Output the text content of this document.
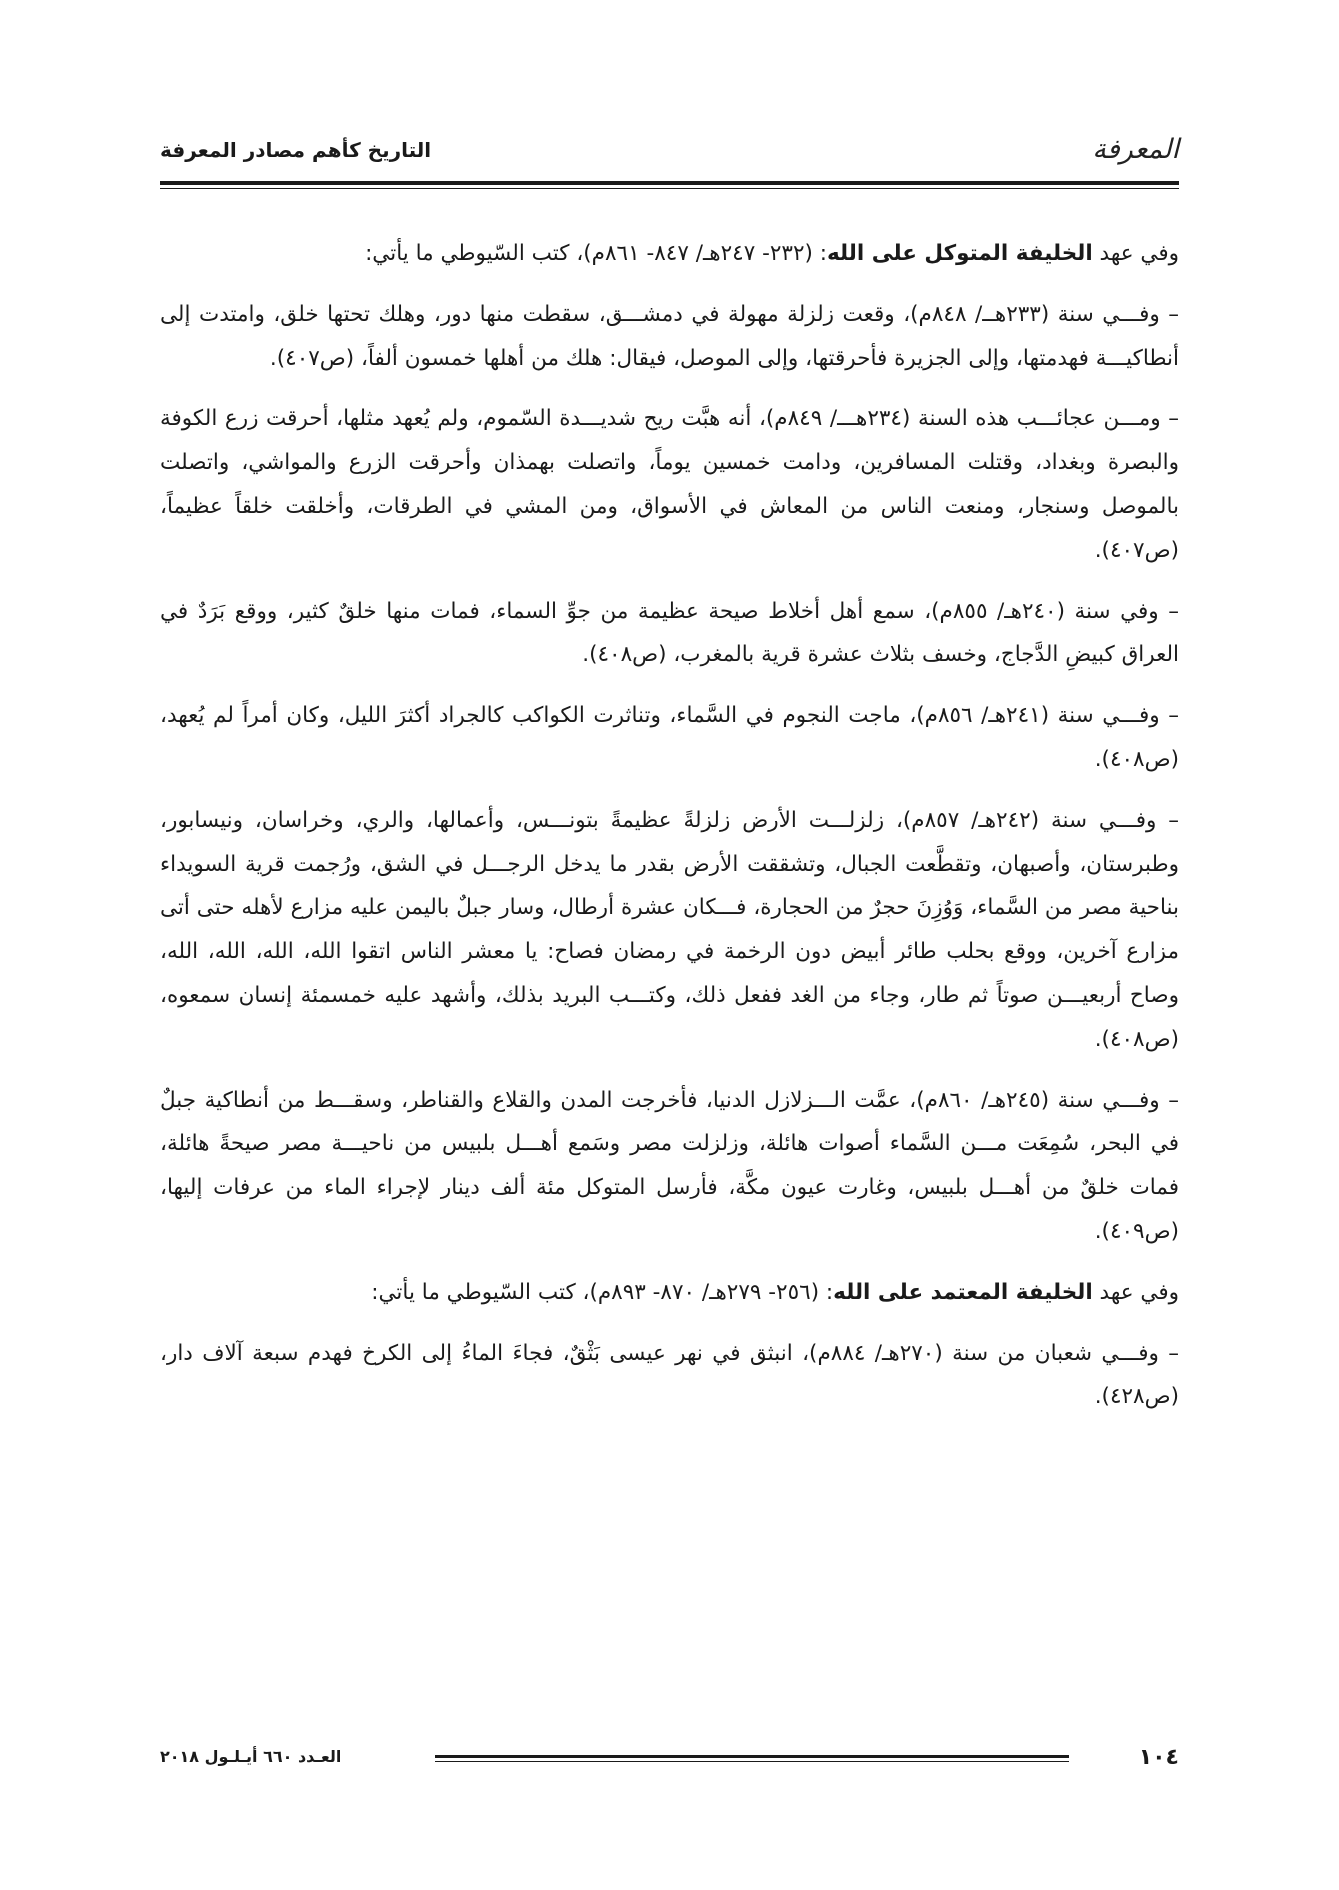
المعرفة
التاريخ كأهم مصادر المعرفة

وفي عهد الخليفة المتوكل على الله: (٢٣٢- ٢٤٧هـ/ ٨٤٧- ٨٦١م)، كتب السّيوطي ما يأتي:

– وفـــي سنة (٢٣٣هــ/ ٨٤٨م)، وقعت زلزلة مهولة في دمشـــق، سقطت منها دور، وهلك تحتها خلق، وامتدت إلى أنطاكيـــة فهدمتها، وإلى الجزيرة فأحرقتها، وإلى الموصل، فيقال: هلك من أهلها خمسون ألفاً، (ص٤٠٧).

– ومـــن عجائـــب هذه السنة (٢٣٤هـــ/ ٨٤٩م)، أنه هبَّت ريح شديـــدة السّموم، ولم يُعهد مثلها، أحرقت زرع الكوفة والبصرة وبغداد، وقتلت المسافرين، ودامت خمسين يوماً، واتصلت بهمذان وأحرقت الزرع والمواشي، واتصلت بالموصل وسنجار، ومنعت الناس من المعاش في الأسواق، ومن المشي في الطرقات، وأخلقت خلقاً عظيماً، (ص٤٠٧).

– وفي سنة (٢٤٠هـ/ ٨٥٥م)، سمع أهل أخلاط صيحة عظيمة من جوِّ السماء، فمات منها خلقٌ كثير، ووقع بَرَدٌ في العراق كبيضِ الدَّجاج، وخسف بثلاث عشرة قرية بالمغرب، (ص٤٠٨).

– وفـــي سنة (٢٤١هـ/ ٨٥٦م)، ماجت النجوم في السَّماء، وتناثرت الكواكب كالجراد أكثرَ الليل، وكان أمراً لم يُعهد، (ص٤٠٨).

– وفـــي سنة (٢٤٢هـ/ ٨٥٧م)، زلزلـــت الأرض زلزلةً عظيمةً بتونـــس، وأعمالها، والري، وخراسان، ونيسابور، وطبرستان، وأصبهان، وتقطَّعت الجبال، وتشققت الأرض بقدر ما يدخل الرجـــل في الشق، ورُجمت قرية السويداء بناحية مصر من السَّماء، وَوُزِنَ حجرٌ من الحجارة، فـــكان عشرة أرطال، وسار جبلٌ باليمن عليه مزارع لأهله حتى أتى مزارع آخرين، ووقع بحلب طائر أبيض دون الرخمة في رمضان فصاح: يا معشر الناس اتقوا الله، الله، الله، الله، وصاح أربعيـــن صوتاً ثم طار، وجاء من الغد ففعل ذلك، وكتـــب البريد بذلك، وأشهد عليه خمسمئة إنسان سمعوه، (ص٤٠٨).

– وفـــي سنة (٢٤٥هـ/ ٨٦٠م)، عمَّت الـــزلازل الدنيا، فأخرجت المدن والقلاع والقناطر، وسقـــط من أنطاكية جبلٌ في البحر، سُمِعَت مـــن السَّماء أصوات هائلة، وزلزلت مصر وسَمع أهـــل بلبيس من ناحيـــة مصر صيحةً هائلة، فمات خلقٌ من أهـــل بلبيس، وغارت عيون مكَّة، فأرسل المتوكل مئة ألف دينار لإجراء الماء من عرفات إليها، (ص٤٠٩).

وفي عهد الخليفة المعتمد على الله: (٢٥٦- ٢٧٩هـ/ ٨٧٠- ٨٩٣م)، كتب السّيوطي ما يأتي:

– وفـــي شعبان من سنة (٢٧٠هـ/ ٨٨٤م)، انبثق في نهر عيسى بَثْقٌ، فجاءَ الماءُ إلى الكرخ فهدم سبعة آلاف دار، (ص٤٢٨).

١٠٤
العـدد ٦٦٠ أيـلـول ٢٠١٨
